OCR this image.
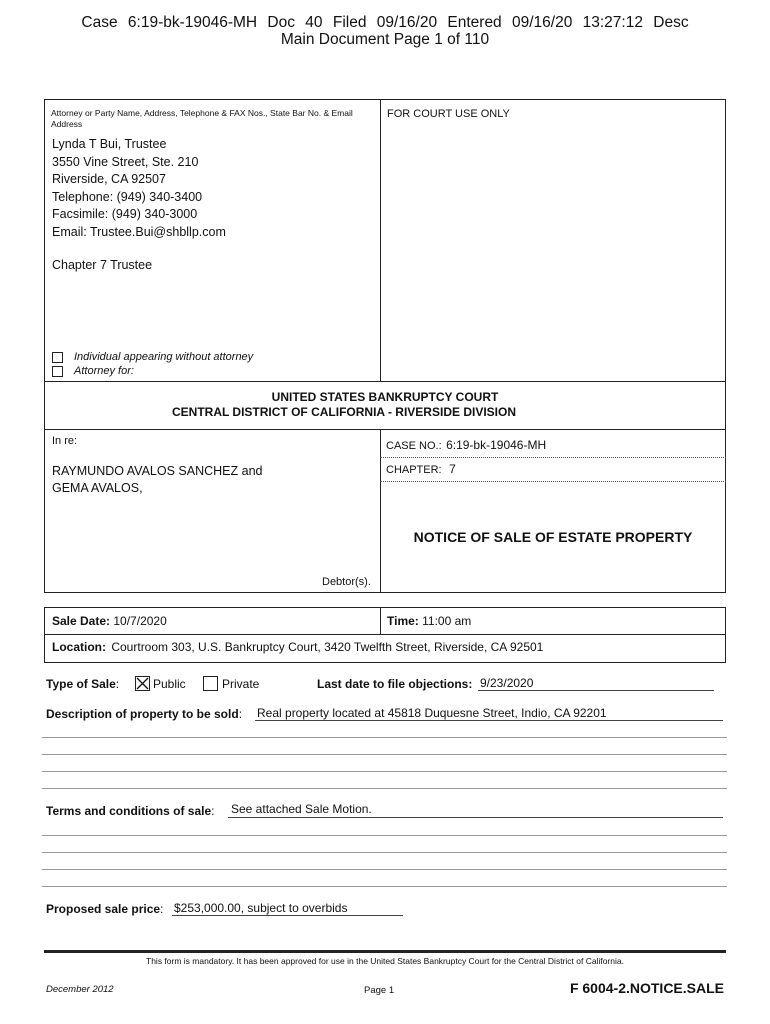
Case 6:19-bk-19046-MH Doc 40 Filed 09/16/20 Entered 09/16/20 13:27:12 Desc
Main Document Page 1 of 110
Attorney or Party Name, Address, Telephone & FAX Nos., State Bar No. & Email Address
FOR COURT USE ONLY
Lynda T Bui, Trustee
3550 Vine Street, Ste. 210
Riverside, CA 92507
Telephone: (949) 340-3400
Facsimile: (949) 340-3000
Email: Trustee.Bui@shbllp.com
Chapter 7 Trustee
Individual appearing without attorney
Attorney for:
UNITED STATES BANKRUPTCY COURT
CENTRAL DISTRICT OF CALIFORNIA - RIVERSIDE DIVISION
In re:
RAYMUNDO AVALOS SANCHEZ and
GEMA AVALOS,
Debtor(s).
CASE NO.: 6:19-bk-19046-MH
CHAPTER: 7
NOTICE OF SALE OF ESTATE PROPERTY
Sale Date: 10/7/2020	Time: 11:00 am
Location: Courtroom 303, U.S. Bankruptcy Court, 3420 Twelfth Street, Riverside, CA 92501
Type of Sale:	Public	Private	Last date to file objections: 9/23/2020
Description of property to be sold: Real property located at 45818 Duquesne Street, Indio, CA 92201
Terms and conditions of sale: See attached Sale Motion.
Proposed sale price: $253,000.00, subject to overbids
This form is mandatory. It has been approved for use in the United States Bankruptcy Court for the Central District of California.
December 2012	Page 1	F 6004-2.NOTICE.SALE
